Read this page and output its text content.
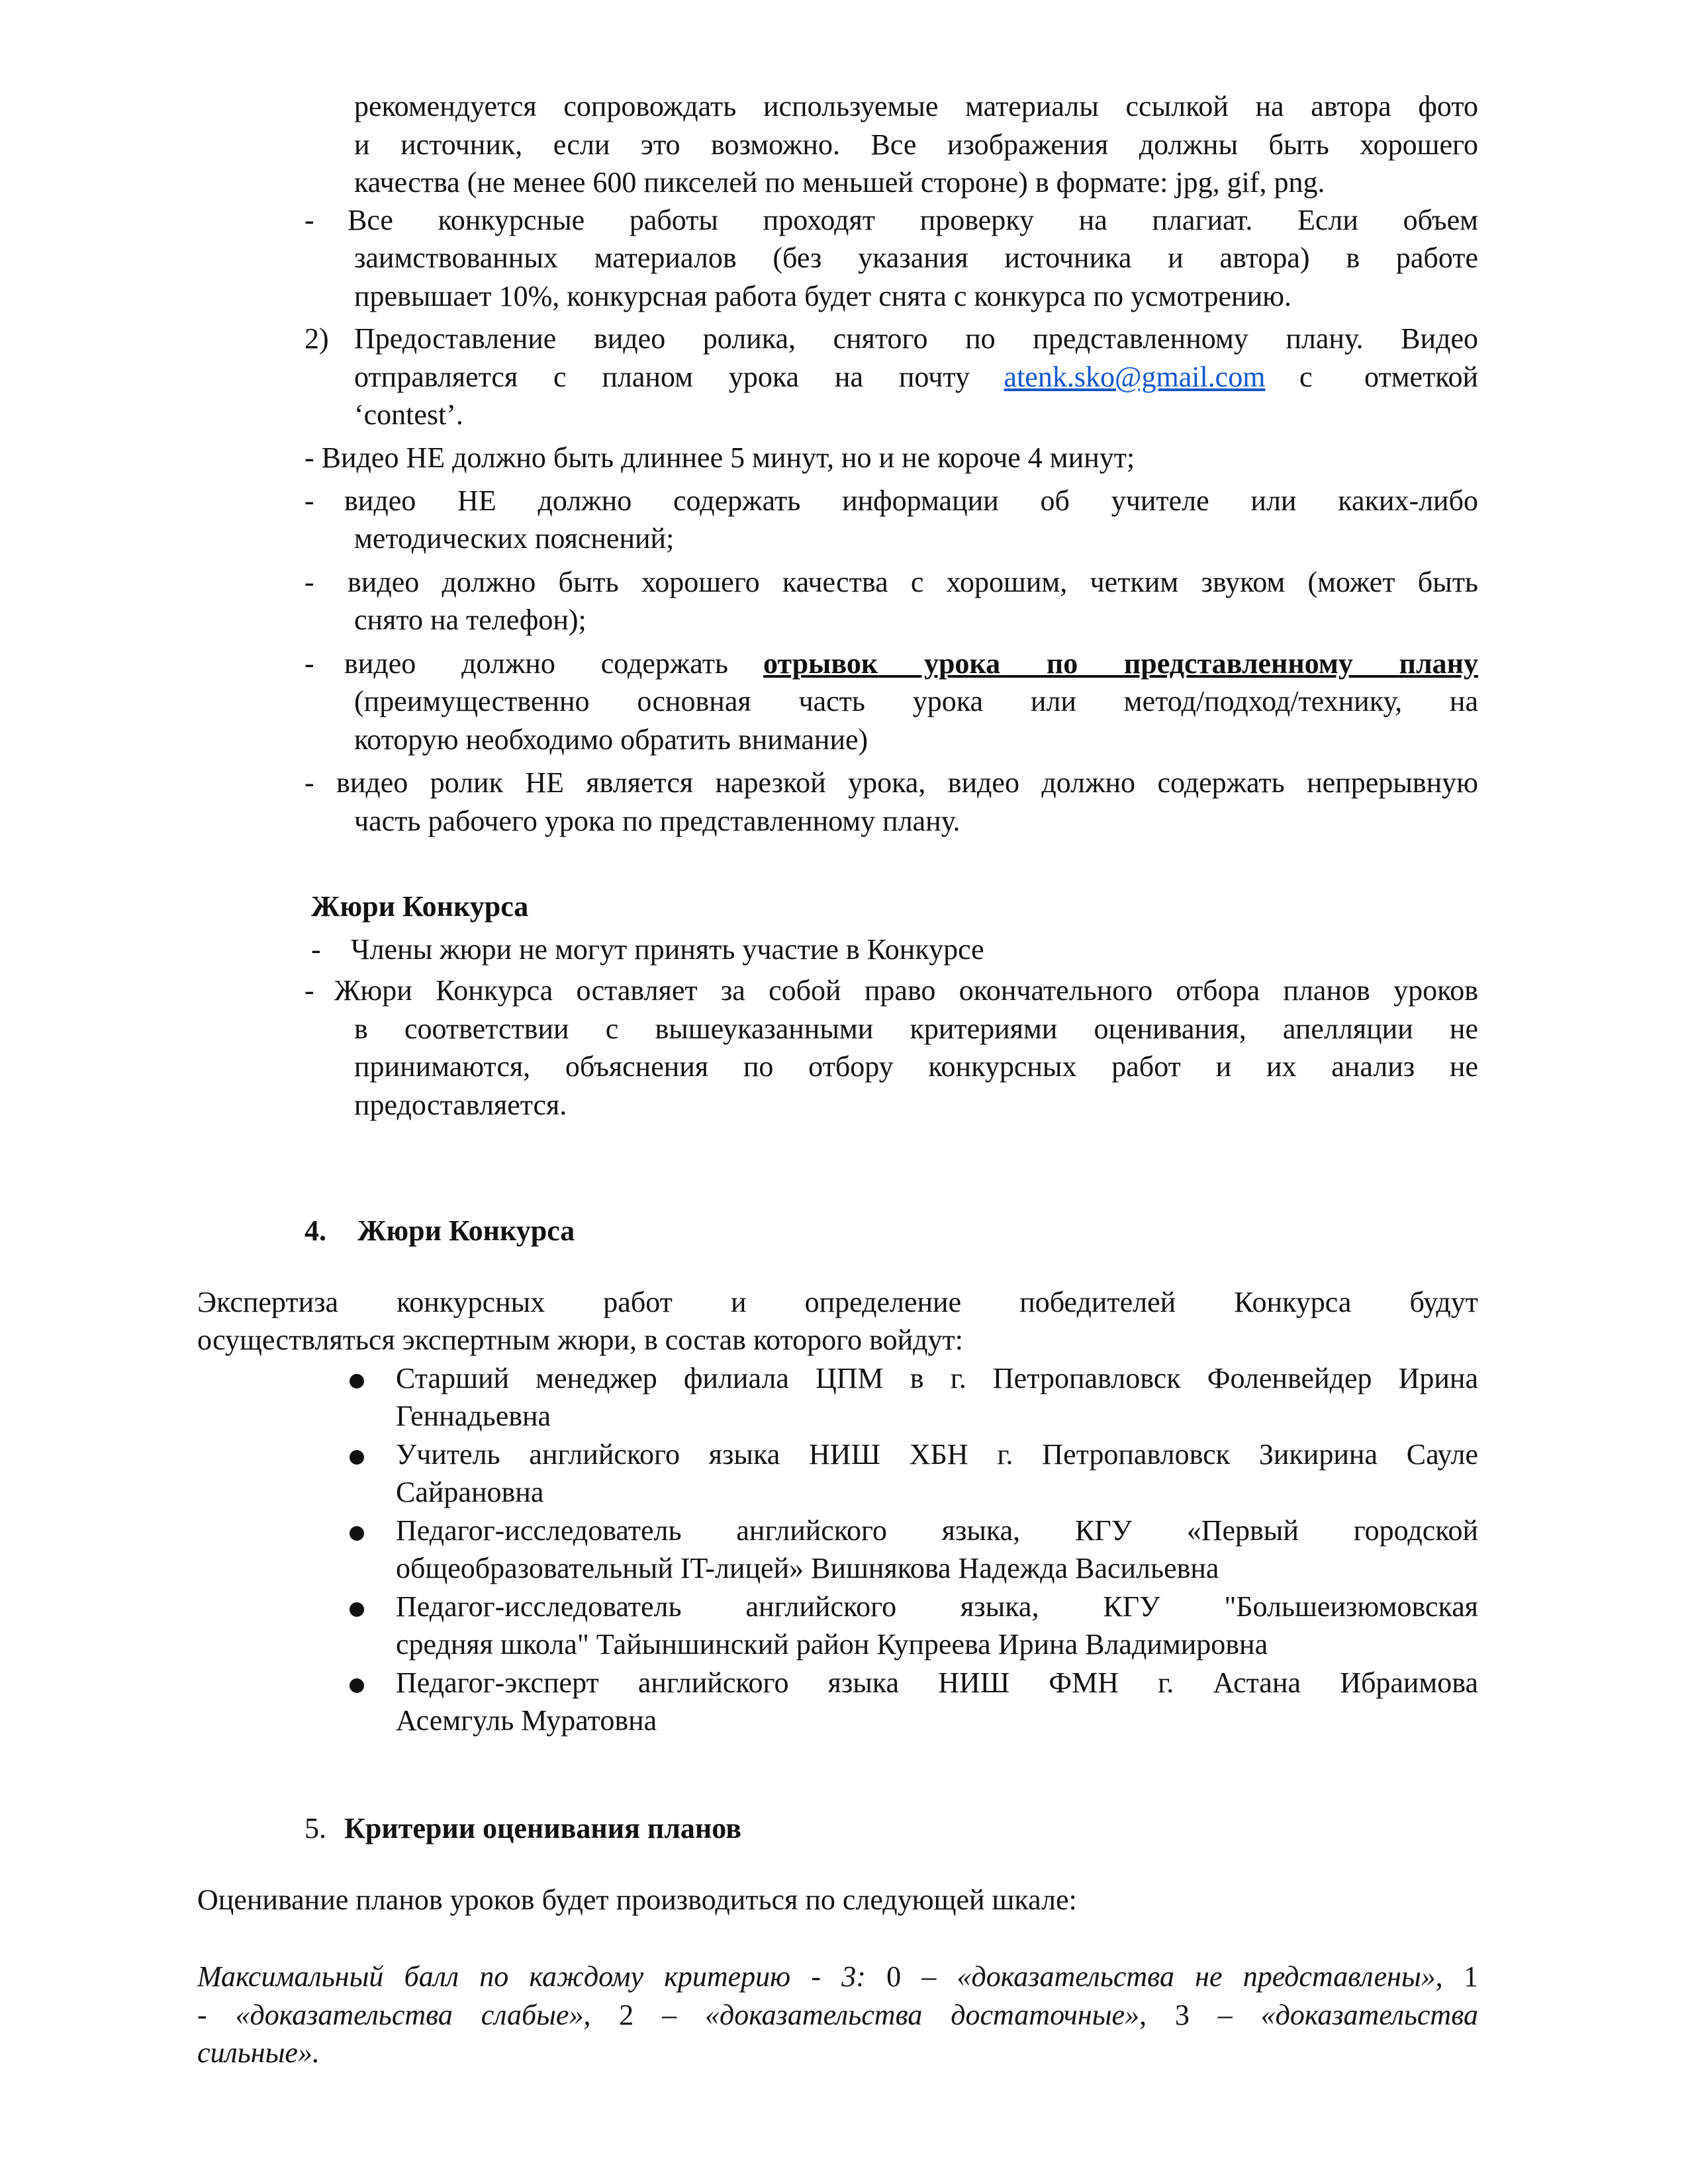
рекомендуется сопровождать используемые материалы ссылкой на автора фото
и источник, если это возможно. Все изображения должны быть хорошего
качества (не менее 600 пикселей по меньшей стороне) в формате: jpg, gif, png.
- Все конкурсные работы проходят проверку на плагиат. Если объем
заимствованных материалов (без указания источника и автора) в работе
превышает 10%, конкурсная работа будет снята с конкурса по усмотрению.
2) Предоставление видео ролика, снятого по представленному плану. Видео
отправляется с планом урока на почту atenk.sko@gmail.com с отметкой
‘contest’.
- Видео НЕ должно быть длиннее 5 минут, но и не короче 4 минут;
- видео НЕ должно содержать информации об учителе или каких-либо
методических пояснений;
- видео должно быть хорошего качества с хорошим, четким звуком (может быть
снято на телефон);
- видео должно содержать отрывок урока по представленному плану
(преимущественно основная часть урока или метод/подход/технику, на
которую необходимо обратить внимание)
- видео ролик НЕ является нарезкой урока, видео должно содержать непрерывную
часть рабочего урока по представленному плану.
Жюри Конкурса
- Члены жюри не могут принять участие в Конкурсе
- Жюри Конкурса оставляет за собой право окончательного отбора планов уроков
в соответствии с вышеуказанными критериями оценивания, апелляции не
принимаются, объяснения по отбору конкурсных работ и их анализ не
предоставляется.
4. Жюри Конкурса
Экспертиза конкурсных работ и определение победителей Конкурса будут
осуществляться экспертным жюри, в состав которого войдут:
Старший менеджер филиала ЦПМ в г. Петропавловск Фоленвейдер Ирина
Геннадьевна
Учитель английского языка НИШ ХБН г. Петропавловск Зикирина Сауле
Сайрановна
Педагог-исследователь английского языка, КГУ «Первый городской
общеобразовательный IT-лицей» Вишнякова Надежда Васильевна
Педагог-исследователь английского языка, КГУ "Большеизюмовская
средняя школа" Тайыншинский район Купреева Ирина Владимировна
Педагог-эксперт английского языка НИШ ФМН г. Астана Ибраимова
Асемгуль Муратовна
5. Критерии оценивания планов
Оценивание планов уроков будет производиться по следующей шкале:
Максимальный балл по каждому критерию - 3: 0 – «доказательства не представлены», 1
- «доказательства слабые», 2 – «доказательства достаточные», 3 – «доказательства
сильные».
